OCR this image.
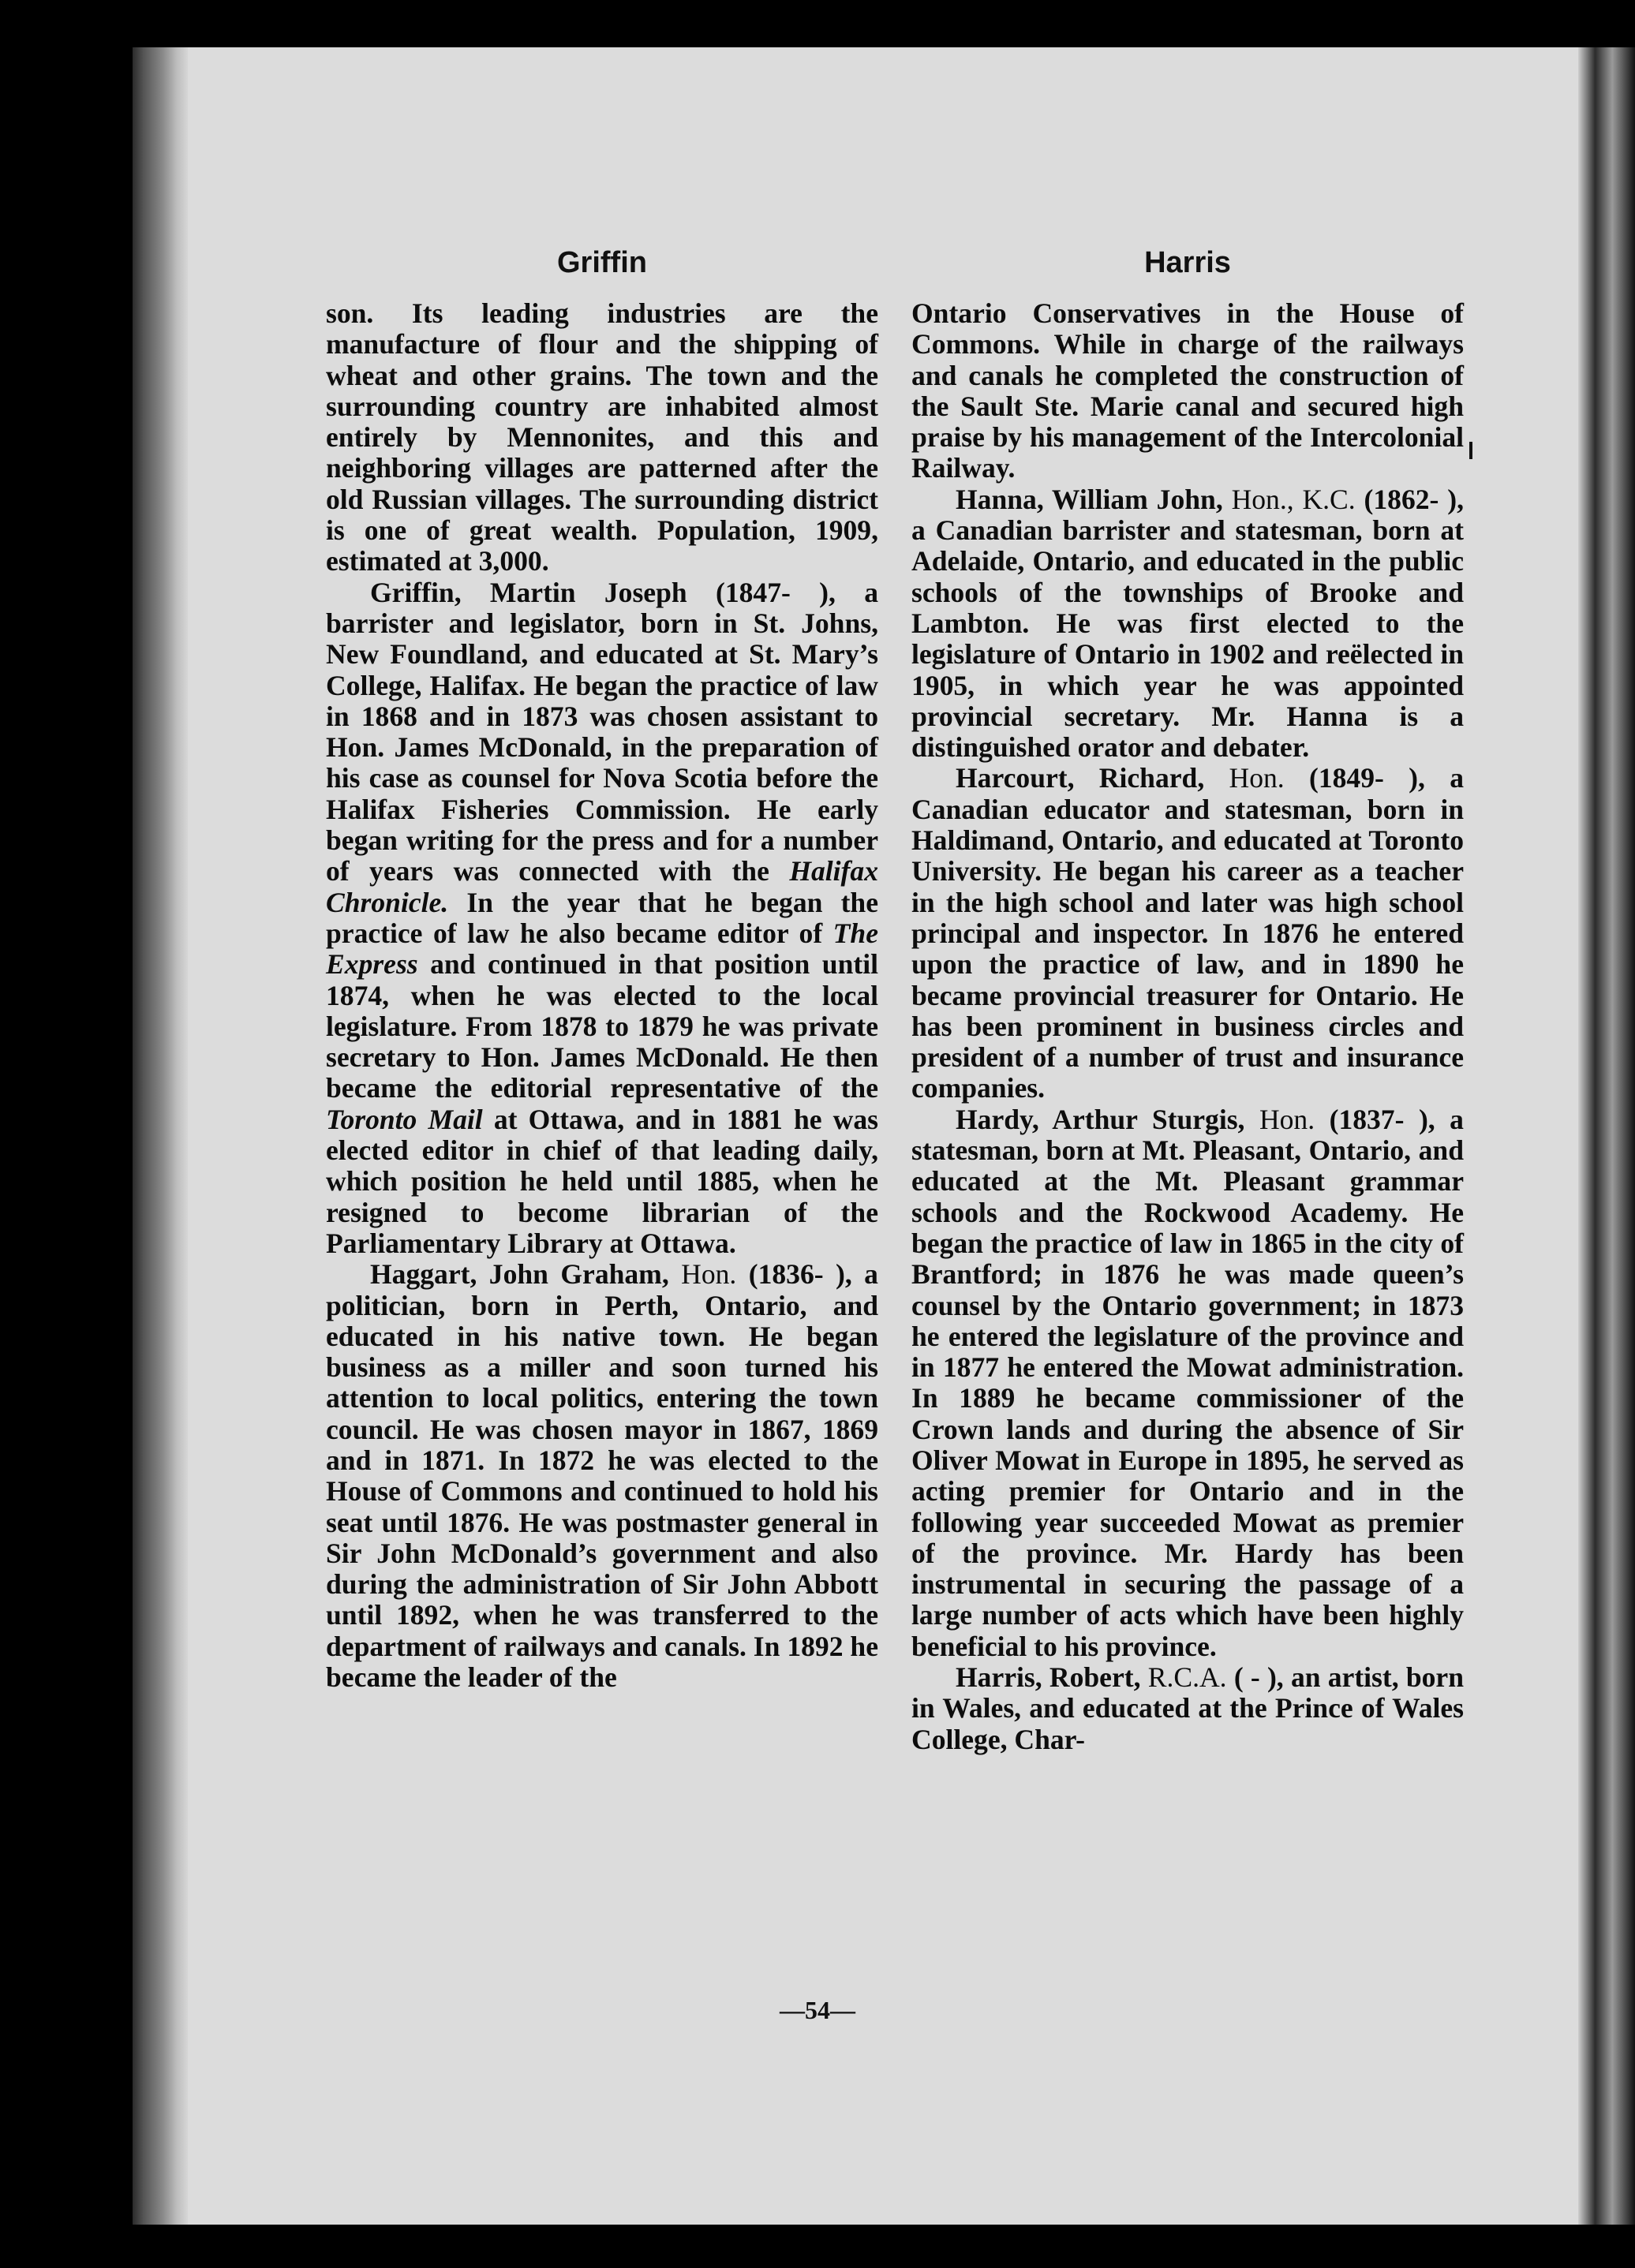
Griffin	Harris

son. Its leading industries are the manufacture of flour and the shipping of wheat and other grains. The town and the surrounding country are inhabited almost entirely by Mennonites, and this and neighboring villages are patterned after the old Russian villages. The surrounding district is one of great wealth. Population, 1909, estimated at 3,000.

Griffin, Martin Joseph (1847- ), a barrister and legislator, born in St. Johns, New Foundland, and educated at St. Mary’s College, Halifax. He began the practice of law in 1868 and in 1873 was chosen assistant to Hon. James McDonald, in the preparation of his case as counsel for Nova Scotia before the Halifax Fisheries Commission. He early began writing for the press and for a number of years was connected with the Halifax Chronicle. In the year that he began the practice of law he also became editor of The Express and continued in that position until 1874, when he was elected to the local legislature. From 1878 to 1879 he was private secretary to Hon. James McDonald. He then became the editorial representative of the Toronto Mail at Ottawa, and in 1881 he was elected editor in chief of that leading daily, which position he held until 1885, when he resigned to become librarian of the Parliamentary Library at Ottawa.

Haggart, John Graham, Hon. (1836- ), a politician, born in Perth, Ontario, and educated in his native town. He began business as a miller and soon turned his attention to local politics, entering the town council. He was chosen mayor in 1867, 1869 and in 1871. In 1872 he was elected to the House of Commons and continued to hold his seat until 1876. He was postmaster general in Sir John McDonald’s government and also during the administration of Sir John Abbott until 1892, when he was transferred to the department of railways and canals. In 1892 he became the leader of the

Ontario Conservatives in the House of Commons. While in charge of the railways and canals he completed the construction of the Sault Ste. Marie canal and secured high praise by his management of the Intercolonial Railway.

Hanna, William John, Hon., K.C. (1862- ), a Canadian barrister and statesman, born at Adelaide, Ontario, and educated in the public schools of the townships of Brooke and Lambton. He was first elected to the legislature of Ontario in 1902 and reëlected in 1905, in which year he was appointed provincial secretary. Mr. Hanna is a distinguished orator and debater.

Harcourt, Richard, Hon. (1849- ), a Canadian educator and statesman, born in Haldimand, Ontario, and educated at Toronto University. He began his career as a teacher in the high school and later was high school principal and inspector. In 1876 he entered upon the practice of law, and in 1890 he became provincial treasurer for Ontario. He has been prominent in business circles and president of a number of trust and insurance companies.

Hardy, Arthur Sturgis, Hon. (1837- ), a statesman, born at Mt. Pleasant, Ontario, and educated at the Mt. Pleasant grammar schools and the Rockwood Academy. He began the practice of law in 1865 in the city of Brantford; in 1876 he was made queen’s counsel by the Ontario government; in 1873 he entered the legislature of the province and in 1877 he entered the Mowat administration. In 1889 he became commissioner of the Crown lands and during the absence of Sir Oliver Mowat in Europe in 1895, he served as acting premier for Ontario and in the following year succeeded Mowat as premier of the province. Mr. Hardy has been instrumental in securing the passage of a large number of acts which have been highly beneficial to his province.

Harris, Robert, R.C.A. ( - ), an artist, born in Wales, and educated at the Prince of Wales College, Char-

—54—
